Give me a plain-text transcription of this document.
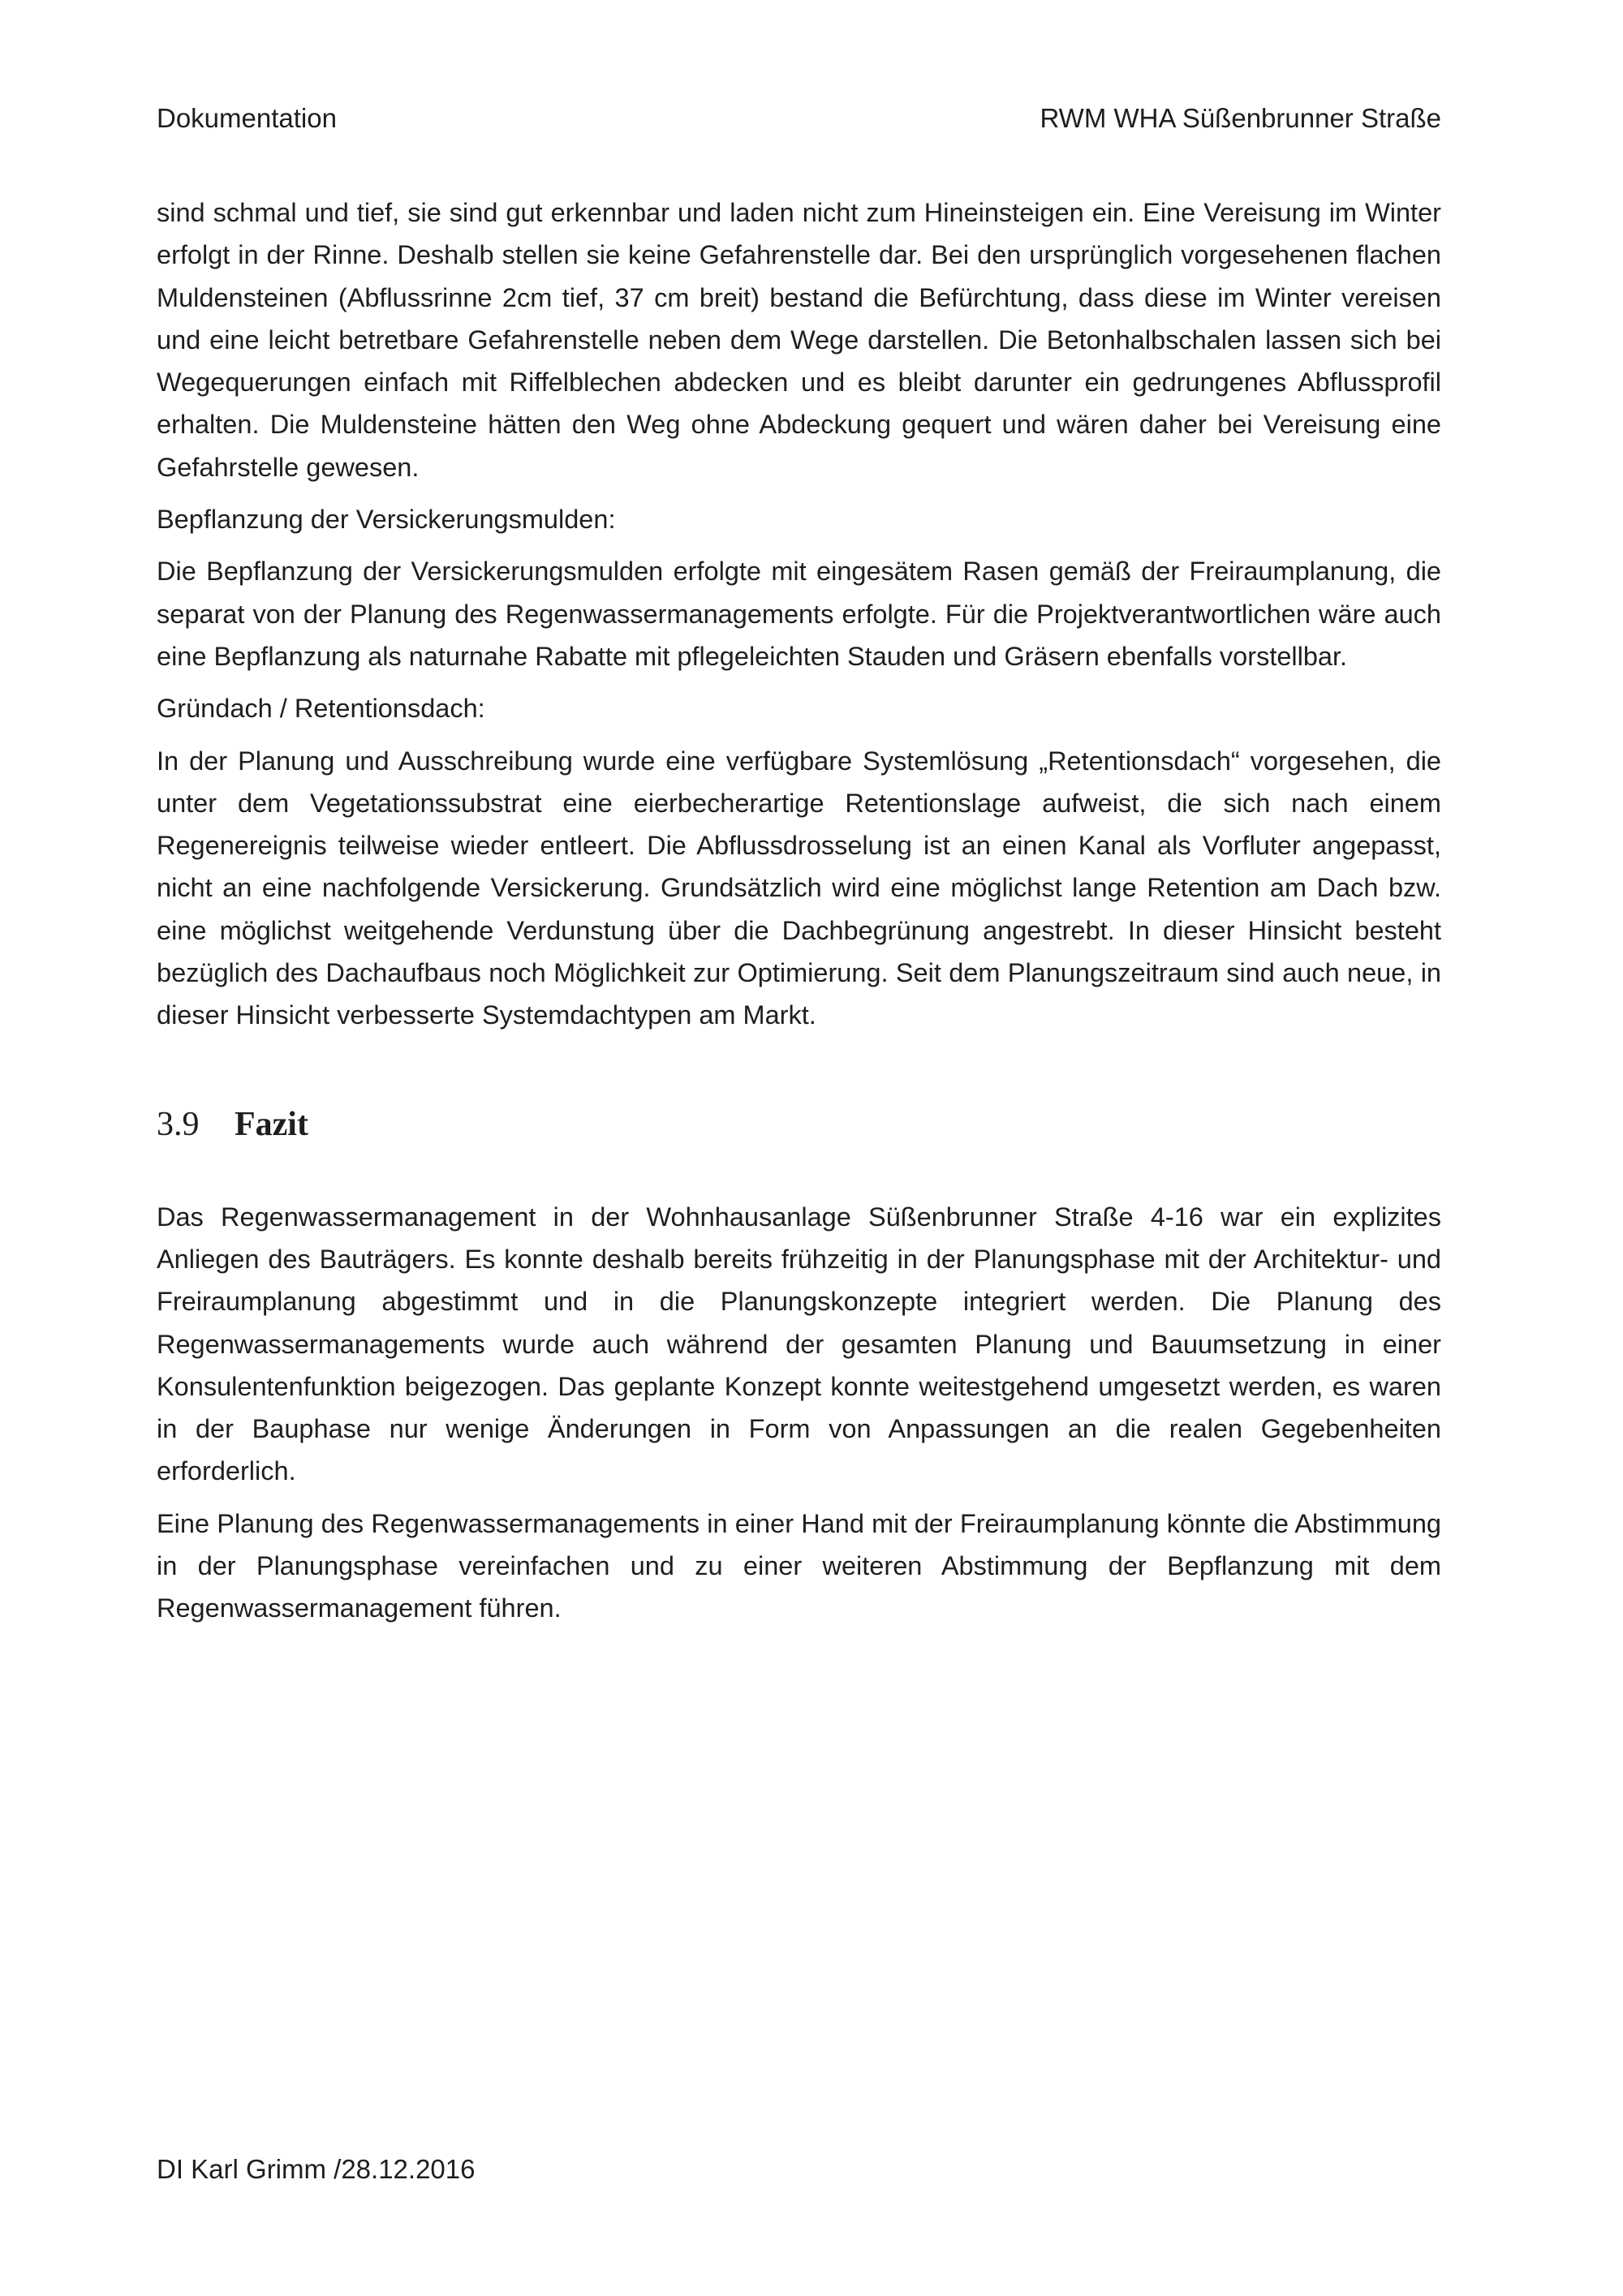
Dokumentation	RWM WHA Süßenbrunner Straße

sind schmal und tief, sie sind gut erkennbar und laden nicht zum Hineinsteigen ein. Eine Vereisung im Winter erfolgt in der Rinne. Deshalb stellen sie keine Gefahrenstelle dar. Bei den ursprünglich vorgesehenen flachen Muldensteinen (Abflussrinne 2cm tief, 37 cm breit) bestand die Befürchtung, dass diese im Winter vereisen und eine leicht betretbare Gefahrenstelle neben dem Wege darstellen. Die Betonhalbschalen lassen sich bei Wegequerungen einfach mit Riffelblechen abdecken und es bleibt darunter ein gedrungenes Abflussprofil erhalten. Die Muldensteine hätten den Weg ohne Abdeckung gequert und wären daher bei Vereisung eine Gefahrstelle gewesen.

Bepflanzung der Versickerungsmulden:

Die Bepflanzung der Versickerungsmulden erfolgte mit eingesätem Rasen gemäß der Freiraumplanung, die separat von der Planung des Regenwassermanagements erfolgte. Für die Projektverantwortlichen wäre auch eine Bepflanzung als naturnahe Rabatte mit pflegeleichten Stauden und Gräsern ebenfalls vorstellbar.

Gründach / Retentionsdach:

In der Planung und Ausschreibung wurde eine verfügbare Systemlösung „Retentionsdach“ vorgesehen, die unter dem Vegetationssubstrat eine eierbecherartige Retentionslage aufweist, die sich nach einem Regenereignis teilweise wieder entleert. Die Abflussdrosselung ist an einen Kanal als Vorfluter angepasst, nicht an eine nachfolgende Versickerung. Grundsätzlich wird eine möglichst lange Retention am Dach bzw. eine möglichst weitgehende Verdunstung über die Dachbegrünung angestrebt. In dieser Hinsicht besteht bezüglich des Dachaufbaus noch Möglichkeit zur Optimierung. Seit dem Planungszeitraum sind auch neue, in dieser Hinsicht verbesserte Systemdachtypen am Markt.

3.9	Fazit

Das Regenwassermanagement in der Wohnhausanlage Süßenbrunner Straße 4-16 war ein explizites Anliegen des Bauträgers. Es konnte deshalb bereits frühzeitig in der Planungsphase mit der Architektur- und Freiraumplanung abgestimmt und in die Planungskonzepte integriert werden. Die Planung des Regenwassermanagements wurde auch während der gesamten Planung und Bauumsetzung in einer Konsulentenfunktion beigezogen. Das geplante Konzept konnte weitestgehend umgesetzt werden, es waren in der Bauphase nur wenige Änderungen in Form von Anpassungen an die realen Gegebenheiten erforderlich.

Eine Planung des Regenwassermanagements in einer Hand mit der Freiraumplanung könnte die Abstimmung in der Planungsphase vereinfachen und zu einer weiteren Abstimmung der Bepflanzung mit dem Regenwassermanagement führen.

DI Karl Grimm /28.12.2016
